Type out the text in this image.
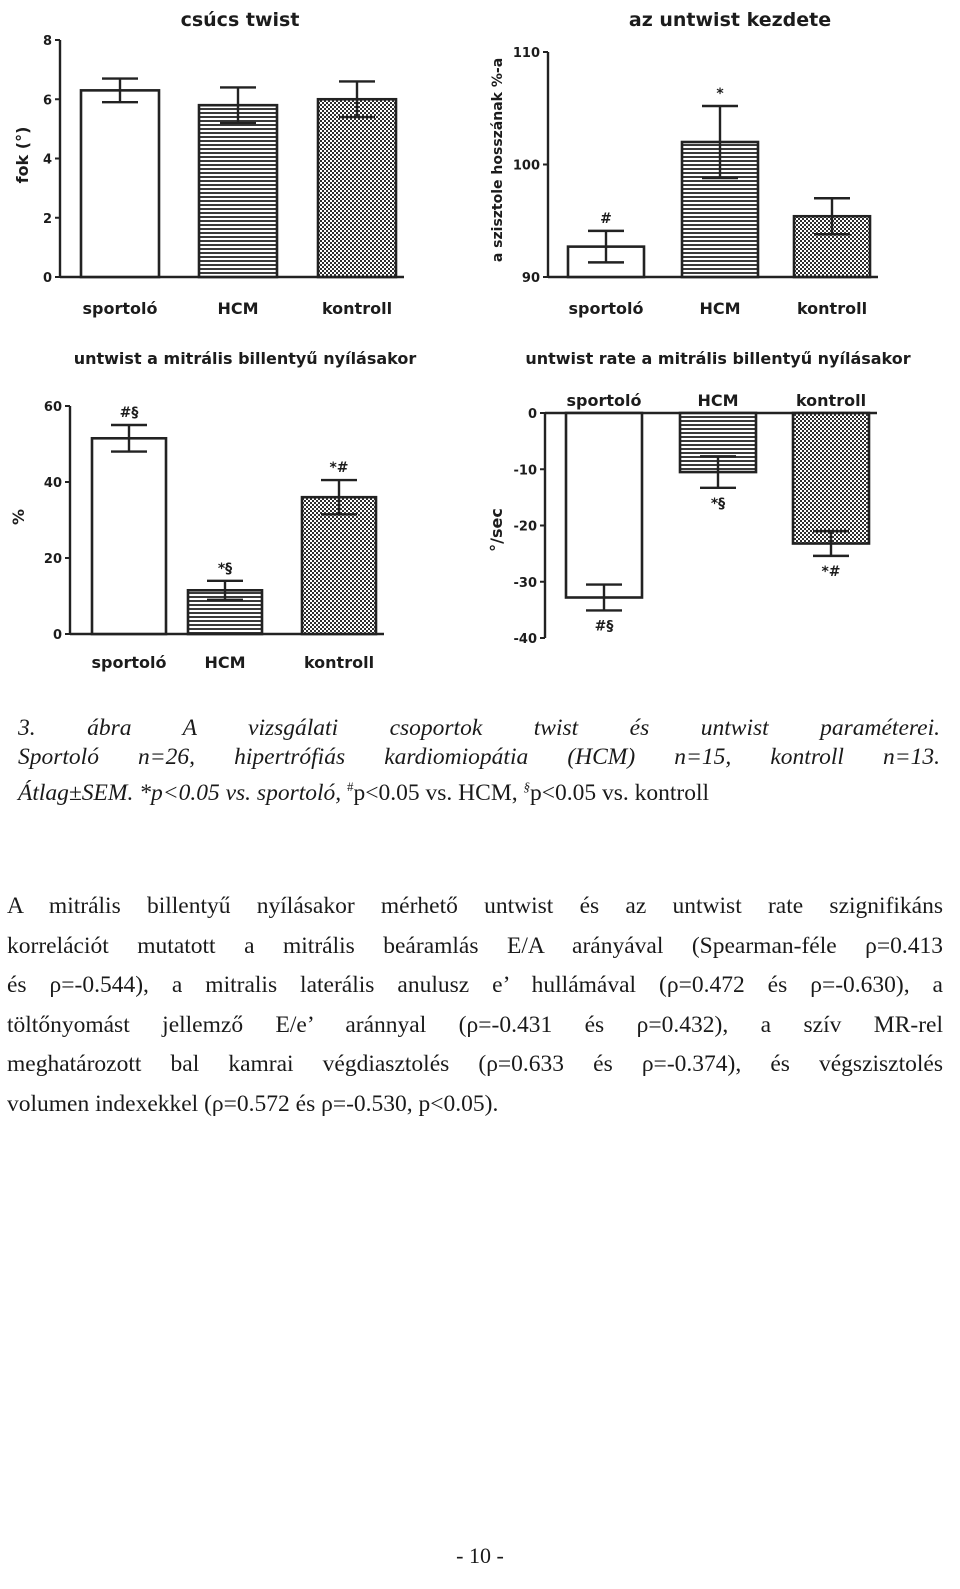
csúcs twist
fok (°)
0
2
4
6
8
sportoló	HCM	kontroll
az untwist kezdete
a szisztole hosszának %-a
90
100
110
#
sportoló
*
HCM	kontroll
untwist a mitrális billentyű nyílásakor
%
0
20
40
60	#§
sportoló
*§
HCM
*#
kontroll
untwist rate a mitrális billentyű nyílásakor
°/sec
0
-10
-20
-30
-40
#§
sportoló
*§
HCM
*#
kontroll
3. ábra A vizsgálati csoportok twist és untwist paraméterei.
Sportoló n=26, hipertrófiás kardiomiopátia (HCM) n=15, kontroll n=13.
Átlag±SEM. *p<0.05 vs. sportoló, #p<0.05 vs. HCM, §p<0.05 vs. kontroll
A mitrális billentyű nyílásakor mérhető untwist és az untwist rate szignifikáns
korrelációt mutatott a mitrális beáramlás E/A arányával (Spearman-féle ρ=0.413
és ρ=-0.544), a mitralis laterális anulusz e’ hullámával (ρ=0.472 és ρ=-0.630), a
töltőnyomást jellemző E/e’ aránnyal (ρ=-0.431 és ρ=0.432), a szív MR-rel
meghatározott bal kamrai végdiasztolés (ρ=0.633 és ρ=-0.374), és végszisztolés
volumen indexekkel (ρ=0.572 és ρ=-0.530, p<0.05).
- 10 -
